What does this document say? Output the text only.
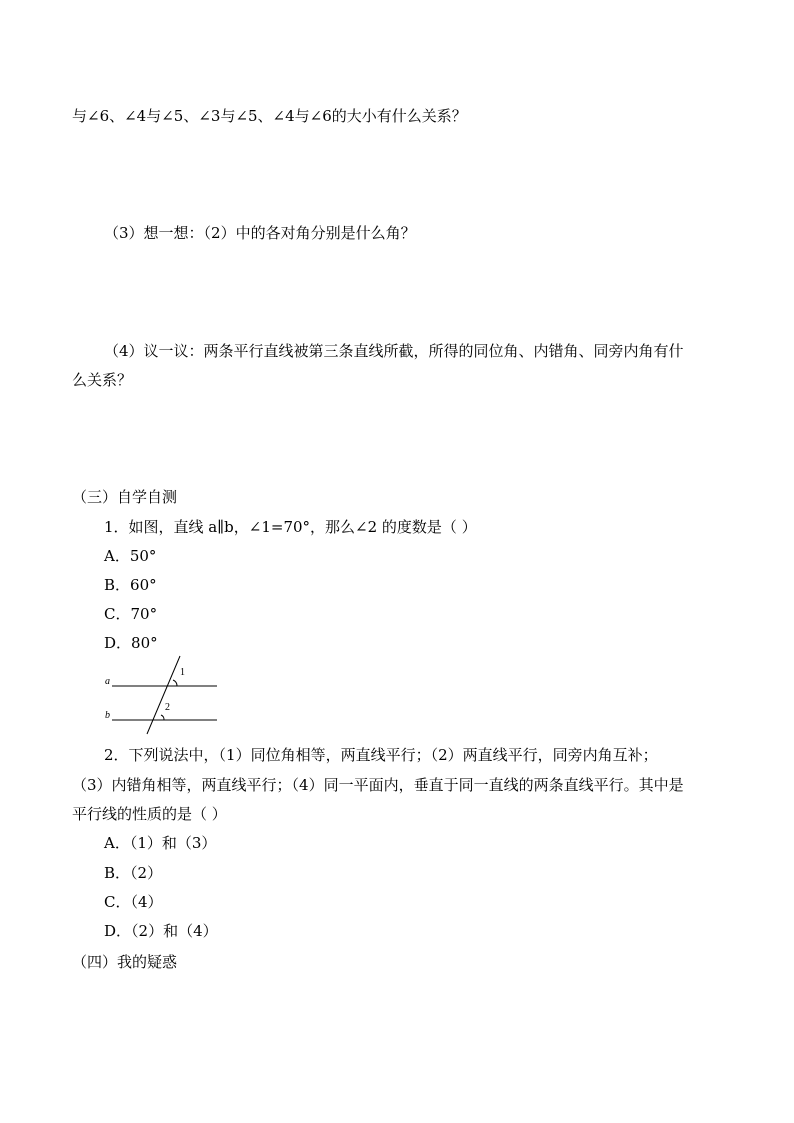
与∠6、∠4与∠5、∠3与∠5、∠4与∠6的大小有什么关系？
（3）想一想：（2）中的各对角分别是什么角？
（4）议一议：两条平行直线被第三条直线所截，所得的同位角、内错角、同旁内角有什
么关系？
（三）自学自测
1．如图，直线 a∥b，∠1=70°，那么∠2 的度数是（ ）
A．50°
B．60°
C．70°
D．80°
a
b
1
2
2．下列说法中，（1）同位角相等，两直线平行；（2）两直线平行，同旁内角互补；
（3）内错角相等，两直线平行；（4）同一平面内，垂直于同一直线的两条直线平行。其中是
平行线的性质的是（ ）
A．（1）和（3）
B．（2）
C．（4）
D．（2）和（4）
（四）我的疑惑
